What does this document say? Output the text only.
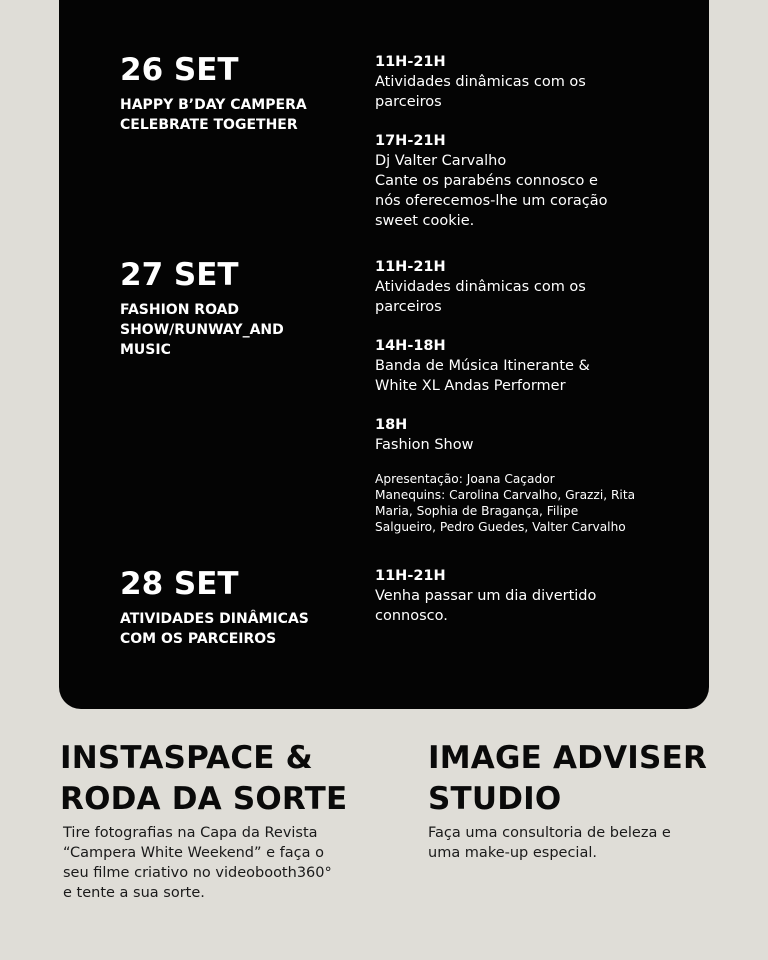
26 SET
HAPPY B’DAY CAMPERA
CELEBRATE TOGETHER
11H-21H
Atividades dinâmicas com os
parceiros
17H-21H
Dj Valter Carvalho
Cante os parabéns connosco e
nós oferecemos-lhe um coração
sweet cookie.
27 SET
FASHION ROAD
SHOW/RUNWAY_AND
MUSIC
11H-21H
Atividades dinâmicas com os
parceiros
14H-18H
Banda de Música Itinerante &
White XL Andas Performer
18H
Fashion Show
Apresentação: Joana Caçador
Manequins: Carolina Carvalho, Grazzi, Rita
Maria, Sophia de Bragança, Filipe
Salgueiro, Pedro Guedes, Valter Carvalho
28 SET
ATIVIDADES DINÂMICAS
COM OS PARCEIROS
11H-21H
Venha passar um dia divertido
connosco.
INSTASPACE &
RODA DA SORTE
Tire fotografias na Capa da Revista
“Campera White Weekend” e faça o
seu filme criativo no videobooth360°
e tente a sua sorte.
IMAGE ADVISER
STUDIO
Faça uma consultoria de beleza e
uma make-up especial.
